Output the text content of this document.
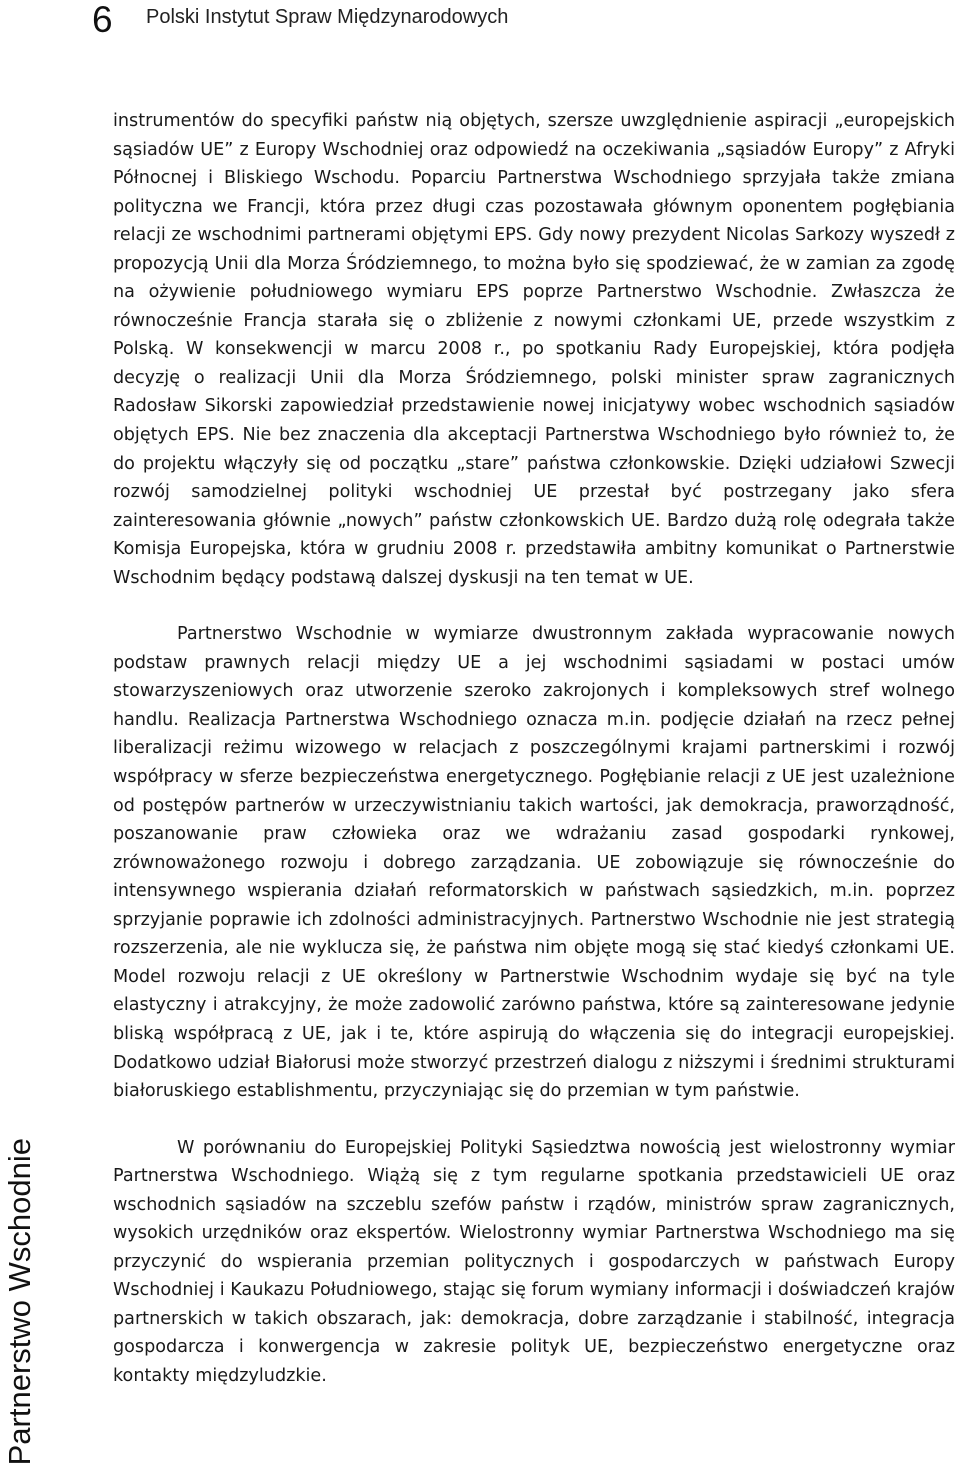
6 Polski Instytut Spraw Międzynarodowych
Partnerstwo Wschodnie

instrumentów do specyfiki państw nią objętych, szersze uwzględnienie aspiracji „europejskich sąsiadów UE” z Europy Wschodniej oraz odpowiedź na oczekiwania „sąsiadów Europy” z Afryki Północnej i Bliskiego Wschodu. Poparciu Partnerstwa Wschodniego sprzyjała także zmiana polityczna we Francji, która przez długi czas pozostawała głównym oponentem pogłębiania relacji ze wschodnimi partnerami objętymi EPS. Gdy nowy prezydent Nicolas Sarkozy wyszedł z propozycją Unii dla Morza Śródziemnego, to można było się spodziewać, że w zamian za zgodę na ożywienie południowego wymiaru EPS poprze Partnerstwo Wschodnie. Zwłaszcza że równocześnie Francja starała się o zbliżenie z nowymi członkami UE, przede wszystkim z Polską. W konsekwencji w marcu 2008 r., po spotkaniu Rady Europejskiej, która podjęła decyzję o realizacji Unii dla Morza Śródziemnego, polski minister spraw zagranicznych Radosław Sikorski zapowiedział przedstawienie nowej inicjatywy wobec wschodnich sąsiadów objętych EPS. Nie bez znaczenia dla akceptacji Partnerstwa Wschodniego było również to, że do projektu włączyły się od początku „stare” państwa członkowskie. Dzięki udziałowi Szwecji rozwój samodzielnej polityki wschodniej UE przestał być postrzegany jako sfera zainteresowania głównie „nowych” państw członkowskich UE. Bardzo dużą rolę odegrała także Komisja Europejska, która w grudniu 2008 r. przedstawiła ambitny komunikat o Partnerstwie Wschodnim będący podstawą dalszej dyskusji na ten temat w UE.

Partnerstwo Wschodnie w wymiarze dwustronnym zakłada wypracowanie nowych podstaw prawnych relacji między UE a jej wschodnimi sąsiadami w postaci umów stowarzyszeniowych oraz utworzenie szeroko zakrojonych i kompleksowych stref wolnego handlu. Realizacja Partnerstwa Wschodniego oznacza m.in. podjęcie działań na rzecz pełnej liberalizacji reżimu wizowego w relacjach z poszczególnymi krajami partnerskimi i rozwój współpracy w sferze bezpieczeństwa energetycznego. Pogłębianie relacji z UE jest uzależnione od postępów partnerów w urzeczywistnianiu takich wartości, jak demokracja, praworządność, poszanowanie praw człowieka oraz we wdrażaniu zasad gospodarki rynkowej, zrównoważonego rozwoju i dobrego zarządzania. UE zobowiązuje się równocześnie do intensywnego wspierania działań reformatorskich w państwach sąsiedzkich, m.in. poprzez sprzyjanie poprawie ich zdolności administracyjnych. Partnerstwo Wschodnie nie jest strategią rozszerzenia, ale nie wyklucza się, że państwa nim objęte mogą się stać kiedyś członkami UE. Model rozwoju relacji z UE określony w Partnerstwie Wschodnim wydaje się być na tyle elastyczny i atrakcyjny, że może zadowolić zarówno państwa, które są zainteresowane jedynie bliską współpracą z UE, jak i te, które aspirują do włączenia się do integracji europejskiej. Dodatkowo udział Białorusi może stworzyć przestrzeń dialogu z niższymi i średnimi strukturami białoruskiego establishmentu, przyczyniając się do przemian w tym państwie.

W porównaniu do Europejskiej Polityki Sąsiedztwa nowością jest wielostronny wymiar Partnerstwa Wschodniego. Wiążą się z tym regularne spotkania przedstawicieli UE oraz wschodnich sąsiadów na szczeblu szefów państw i rządów, ministrów spraw zagranicznych, wysokich urzędników oraz ekspertów. Wielostronny wymiar Partnerstwa Wschodniego ma się przyczynić do wspierania przemian politycznych i gospodarczych w państwach Europy Wschodniej i Kaukazu Południowego, stając się forum wymiany informacji i doświadczeń krajów partnerskich w takich obszarach, jak: demokracja, dobre zarządzanie i stabilność, integracja gospodarcza i konwergencja w zakresie polityk UE, bezpieczeństwo energetyczne oraz kontakty międzyludzkie.
